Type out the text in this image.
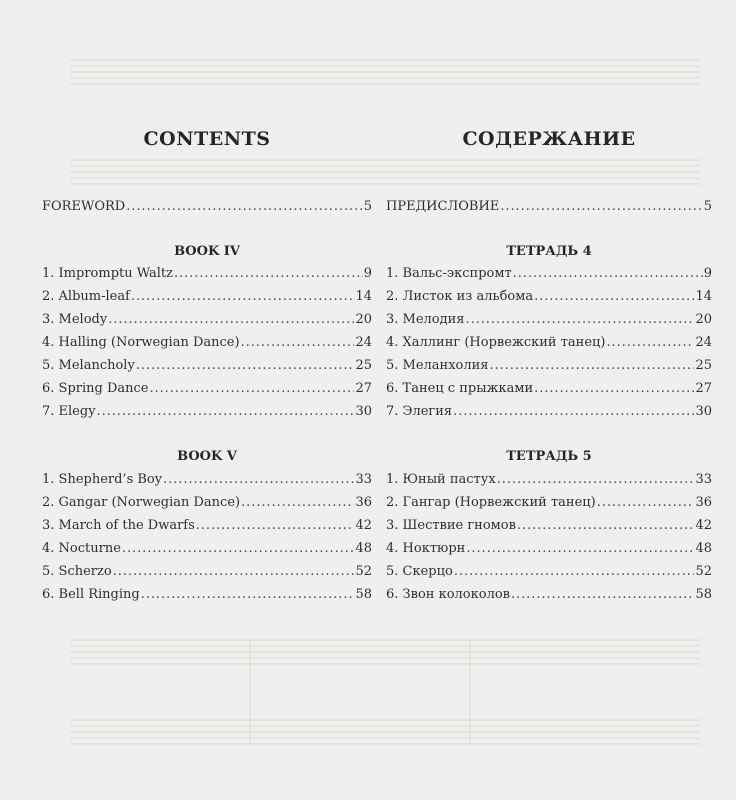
CONTENTS
FOREWORD . . .	5
BOOK IV
1. Impromptu Waltz . . .	9
2. Album-leaf . . .	14
3. Melody . . .	20
4. Halling (Norwegian Dance) . . .	24
5. Melancholy . . .	25
6. Spring Dance . . .	27
7. Elegy . . .	30
BOOK V
1. Shepherd’s Boy . . .	33
2. Gangar (Norwegian Dance) . . .	36
3. March of the Dwarfs . . .	42
4. Nocturne . . .	48
5. Scherzo . . .	52
6. Bell Ringing . . .	58
СОДЕРЖАНИЕ
ПРЕДИСЛОВИЕ . . .	5
ТЕТРАДЬ 4
1. Вальс-экспромт . . .	9
2. Листок из альбома . . .	14
3. Мелодия . . .	20
4. Халлинг (Норвежский танец) . . .	24
5. Меланхолия . . .	25
6. Танец с прыжками . . .	27
7. Элегия . . .	30
ТЕТРАДЬ 5
1. Юный пастух . . .	33
2. Гангар (Норвежский танец) . . .	36
3. Шествие гномов . . .	42
4. Ноктюрн . . .	48
5. Скерцо . . .	52
6. Звон колоколов . . .	58
